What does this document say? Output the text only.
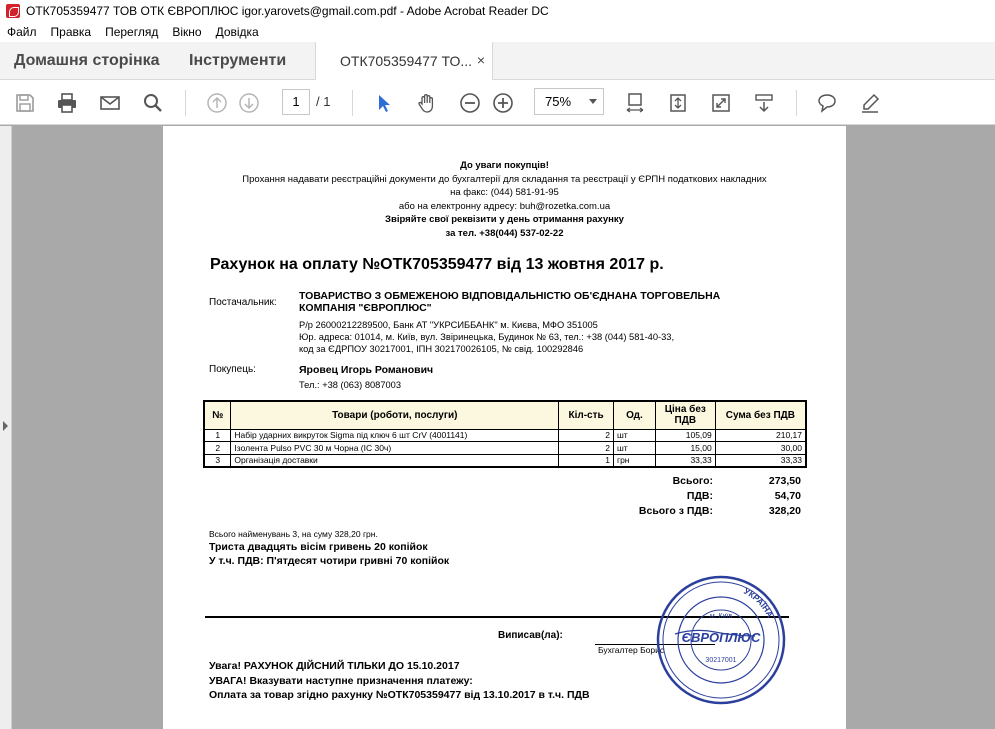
ОТК705359477 ТОВ ОТК ЄВРОПЛЮС igor.yarovets@gmail.com.pdf - Adobe Acrobat Reader DC
Файл	Правка	Перегляд	Вікно	Довідка
Домашня сторінка Інструменти	ОТК705359477 ТО... ×
1	/ 1	75%
До уваги покупців!
Прохання надавати реєстраційні документи до бухгалтерії для складання та реєстрації у ЄРПН податкових накладних
на факс: (044) 581-91-95
або на електронну адресу: buh@rozetka.com.ua
Звіряйте свої реквізити у день отримання рахунку
за тел. +38(044) 537-02-22
Рахунок на оплату №ОТК705359477 від 13 жовтня 2017 р.
Постачальник:
ТОВАРИСТВО З ОБМЕЖЕНОЮ ВІДПОВІДАЛЬНІСТЮ ОБ'ЄДНАНА ТОРГОВЕЛЬНА КОМПАНІЯ "ЄВРОПЛЮС"
Р/р 26000212289500, Банк АТ "УКРСИББАНК" м. Києва, МФО 351005
Юр. адреса: 01014, м. Київ, вул. Звіринецька, Будинок № 63, тел.: +38 (044) 581-40-33,
код за ЄДРПОУ 30217001, ІПН 302170026105, № свід. 100292846
Покупець:	Яровец Игорь Романович
Тел.: +38 (063) 8087003
№	Товари (роботи, послуги)	Кіл-сть	Од.	Ціна без ПДВ	Сума без ПДВ
1	Набір ударних викруток Sigma під ключ 6 шт CrV (4001141)	2	шт	105,09	210,17
2	Ізолента Pulso PVC 30 м Чорна (IC 30ч)	2	шт	15,00	30,00
3	Організація доставки	1	грн	33,33	33,33
Всього:	273,50
ПДВ:	54,70
Всього з ПДВ:	328,20
Всього найменувань 3, на суму 328,20 грн.
Триста двадцять вісім гривень 20 копійок
У т.ч. ПДВ: П'ятдесят чотири гривні 70 копійок
Виписав(ла):
Бухгалтер Борис
Увага! РАХУНОК ДІЙСНИЙ ТІЛЬКИ ДО 15.10.2017
УВАГА! Вказувати наступне призначення платежу:
Оплата за товар згідно рахунку №ОТК705359477 від 13.10.2017 в т.ч. ПДВ
УКРАЇНА
м. Київ
ЄВРОПЛЮС
30217001
